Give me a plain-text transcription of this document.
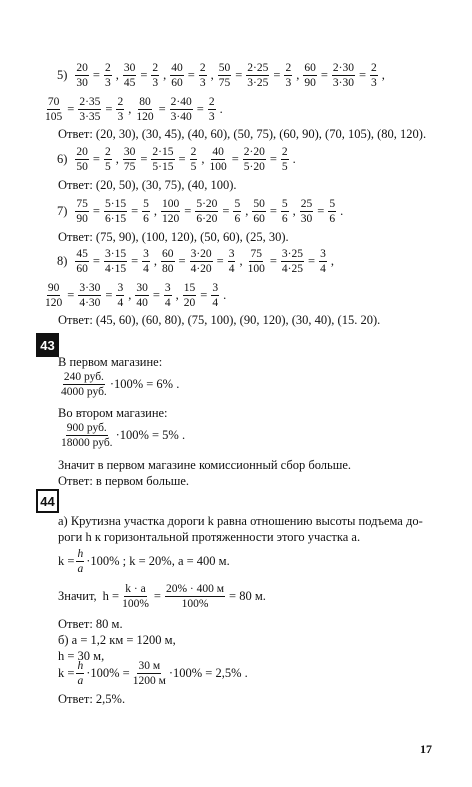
$5) \frac{20}{30} = \frac{2}{3}$ , $\frac{30}{45} = \frac{2}{3}$ , $\frac{40}{60} = \frac{2}{3}$ , $\frac{50}{75} = \frac{2\cdot 25}{3\cdot 25} = \frac{2}{3}$ , $\frac{60}{90} = \frac{2\cdot 30}{3\cdot 30} = \frac{2}{3}$ ,
$\frac{70}{105} = \frac{2\cdot 35}{3\cdot 35} = \frac{2}{3}$ , $\frac{80}{120} = \frac{2\cdot 40}{3\cdot 40} = \frac{2}{3}$ .
Ответ: (20, 30), (30, 45), (40, 60), (50, 75), (60, 90), (70, 105), (80, 120).
$6) \frac{20}{50} = \frac{2}{5}$ , $\frac{30}{75} = \frac{2\cdot 15}{5\cdot 15} = \frac{2}{5}$ , $\frac{40}{100} = \frac{2\cdot 20}{5\cdot 20} = \frac{2}{5}$ .
Ответ: (20, 50), (30, 75), (40, 100).
$7) \frac{75}{90} = \frac{5\cdot 15}{6\cdot 15} = \frac{5}{6}$ , $\frac{100}{120} = \frac{5\cdot 20}{6\cdot 20} = \frac{5}{6}$ , $\frac{50}{60} = \frac{5}{6}$ , $\frac{25}{30} = \frac{5}{6}$ .
Ответ: (75, 90), (100, 120), (50, 60), (25, 30).
$8) \frac{45}{60} = \frac{3\cdot 15}{4\cdot 15} = \frac{3}{4}$ , $\frac{60}{80} = \frac{3\cdot 20}{4\cdot 20} = \frac{3}{4}$ , $\frac{75}{100} = \frac{3\cdot 25}{4\cdot 25} = \frac{3}{4}$ ,
$\frac{90}{120} = \frac{3\cdot 30}{4\cdot 30} = \frac{3}{4}$ , $\frac{30}{40} = \frac{3}{4}$ , $\frac{15}{20} = \frac{3}{4}$ .
Ответ: (45, 60), (60, 80), (75, 100), (90, 120), (30, 40), (15. 20).
43
В первом магазине:
$\frac{\text{240 руб.}}{\text{4000 руб.}} \cdot 100\% = 6\%$ .
Во втором магазине:
$\frac{\text{900 руб.}}{\text{18000 руб.}} \cdot 100\% = 5\%$ .
Значит в первом магазине комиссионный сбор больше.
Ответ: в первом больше.
44
а) Крутизна участка дороги k равна отношению высоты подъема до-
роги h к горизонтальной протяженности этого участка a.
$k = \frac{h}{a} \cdot 100\%$ ; k = 20%, a = 400 м.
Значит, $h = \frac{k \cdot a}{100\%} = \frac{20\% \cdot 400 м}{100\%} = 80$ м.
Ответ: 80 м.
б) a = 1,2 км = 1200 м,
h = 30 м,
$k = \frac{h}{a} \cdot 100\% = \frac{30 м}{1200 м} \cdot 100\% = 2,5\%$ .
Ответ: 2,5%.
17
